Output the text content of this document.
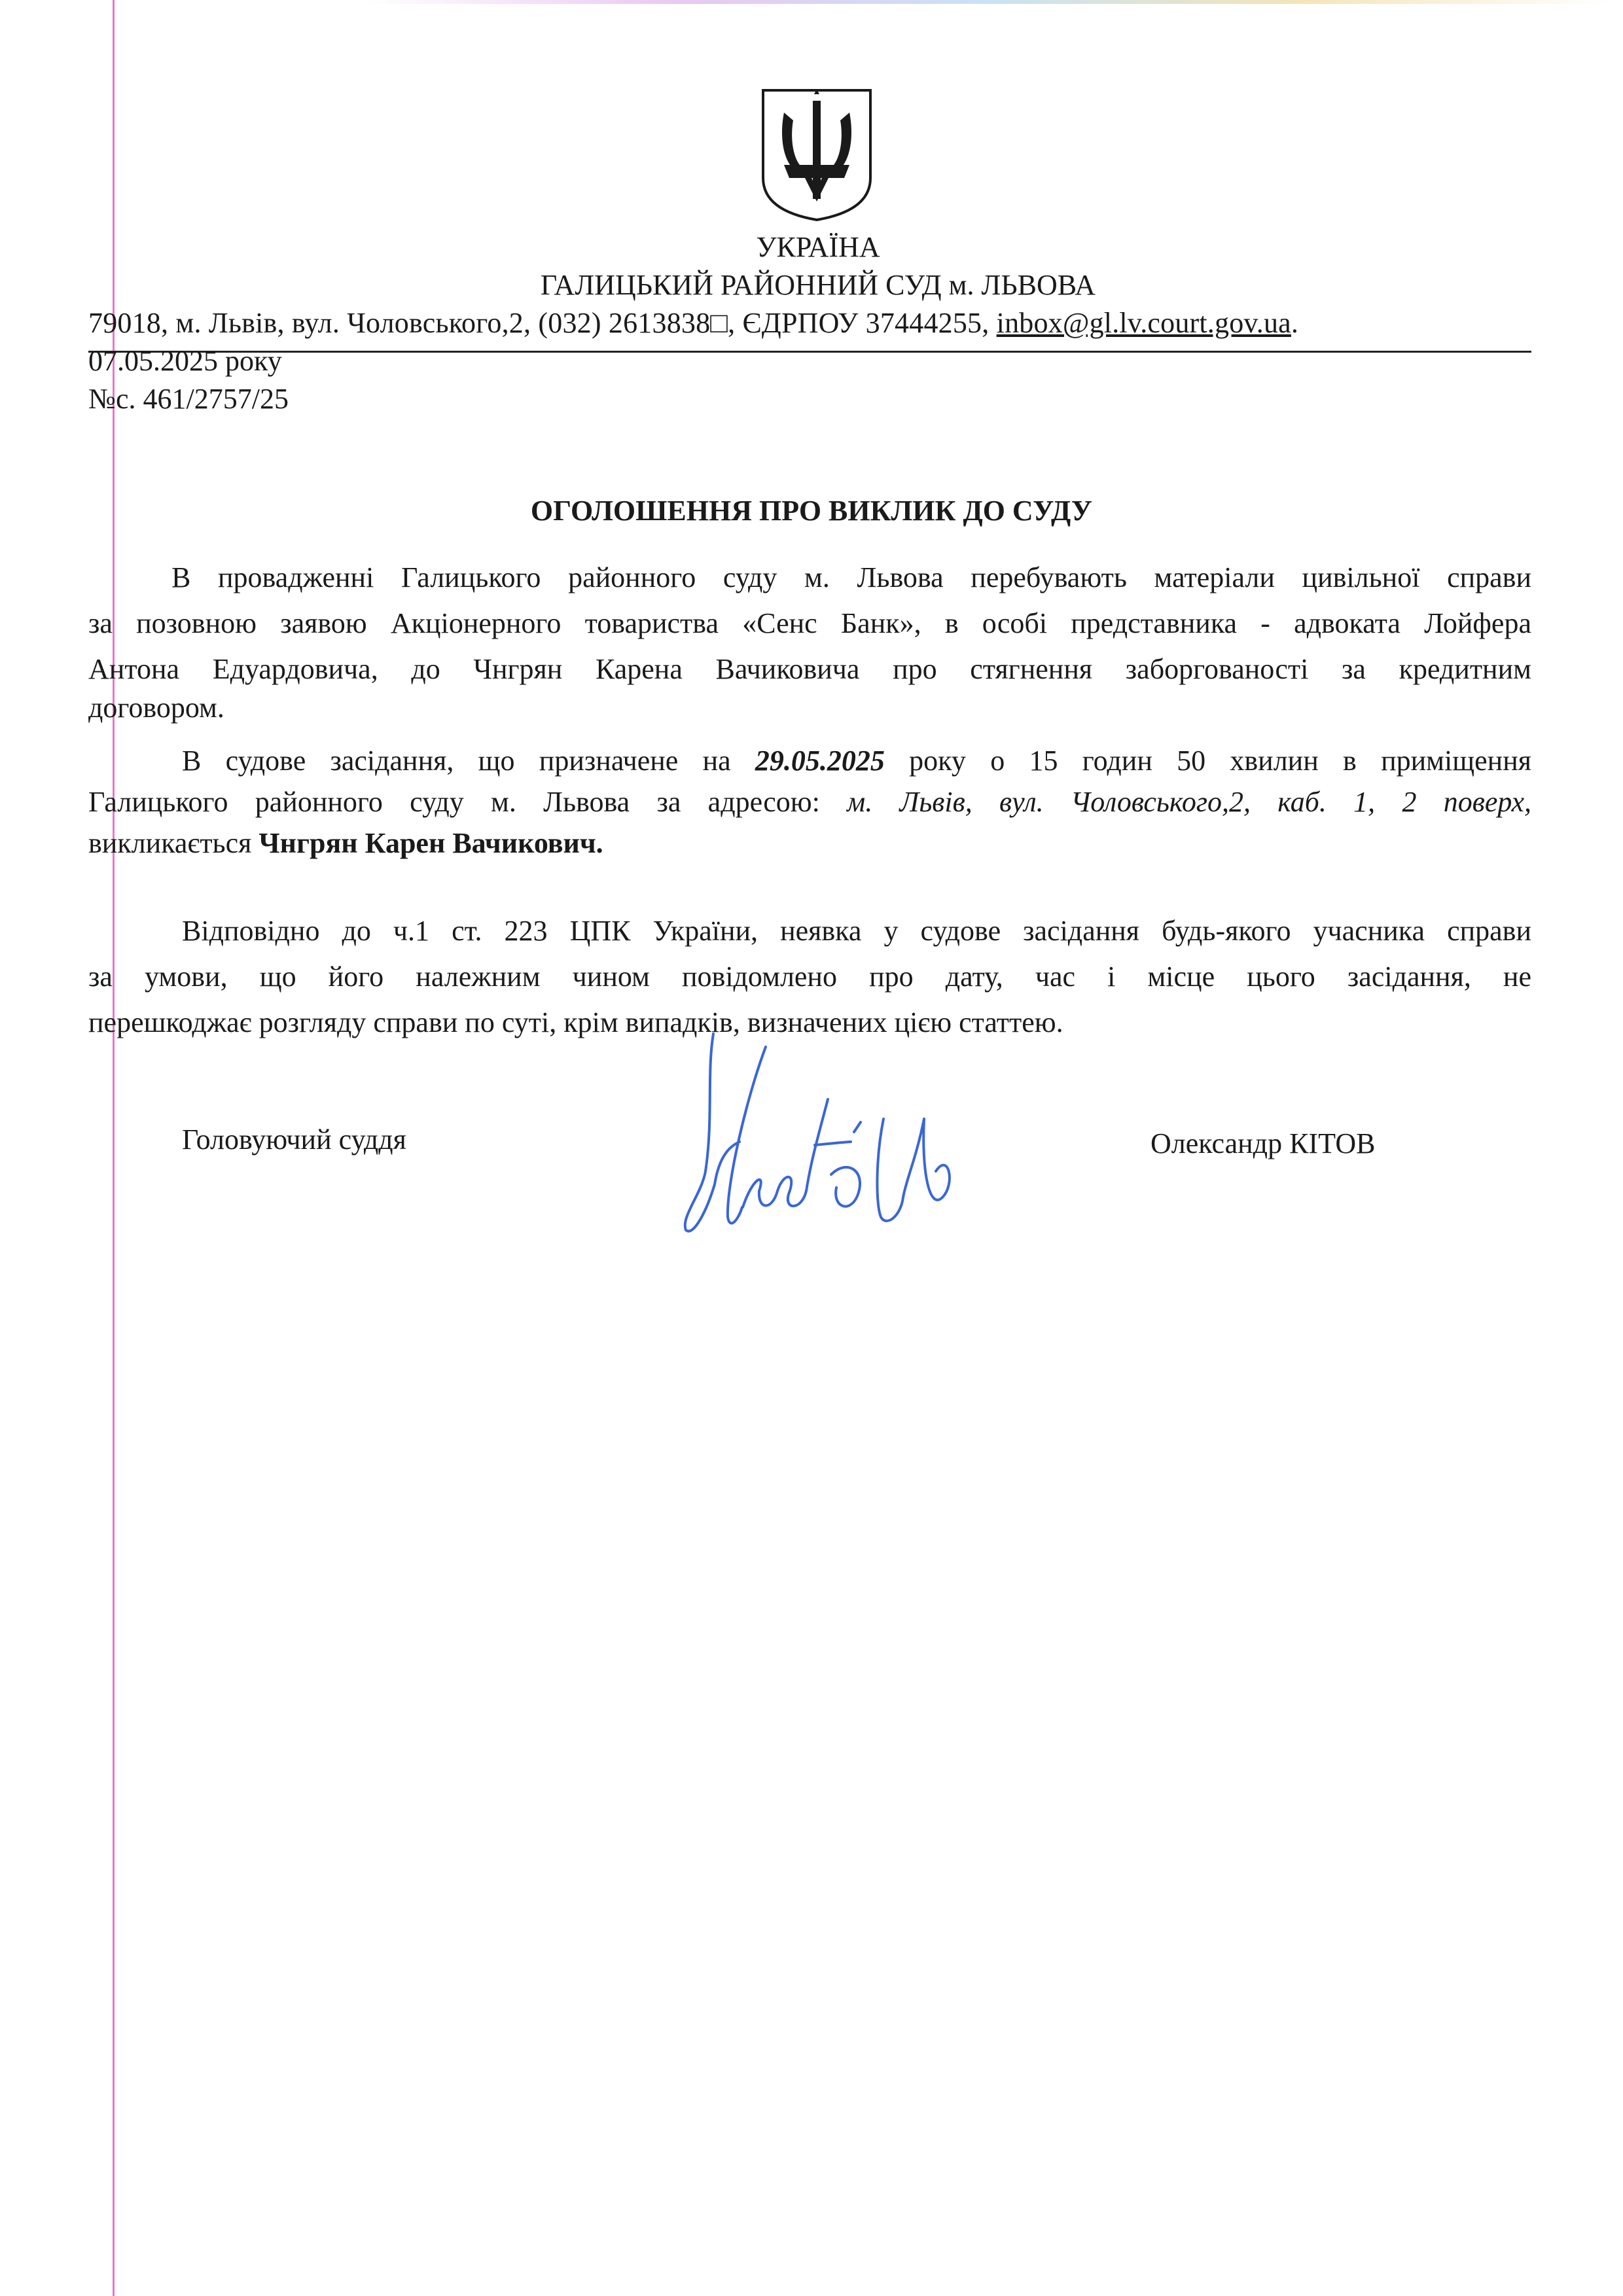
УКРАЇНА
ГАЛИЦЬКИЙ РАЙОННИЙ СУД м. ЛЬВОВА
79018, м. Львів, вул. Чоловського,2, (032) 2613838□, ЄДРПОУ 37444255, inbox@gl.lv.court.gov.ua.
07.05.2025 року
№с. 461/2757/25
ОГОЛОШЕННЯ ПРО ВИКЛИК ДО СУДУ
В провадженні Галицького районного суду м. Львова перебувають матеріали цивільної справи
за позовною заявою Акціонерного товариства «Сенс Банк», в особі представника - адвоката Лойфера
Антона Едуардовича, до Чнгрян Карена Вачиковича про стягнення заборгованості за кредитним
договором.
В судове засідання, що призначене на 29.05.2025 року о 15 годин 50 хвилин в приміщення
Галицького районного суду м. Львова за адресою: м. Львів, вул. Чоловського,2, каб. 1, 2 поверх,
викликається Чнгрян Карен Вачикович.
Відповідно до ч.1 ст. 223 ЦПК України, неявка у судове засідання будь-якого учасника справи
за умови, що його належним чином повідомлено про дату, час і місце цього засідання, не
перешкоджає розгляду справи по суті, крім випадків, визначених цією статтею.
Головуючий суддя	Олександр КІТОВ
